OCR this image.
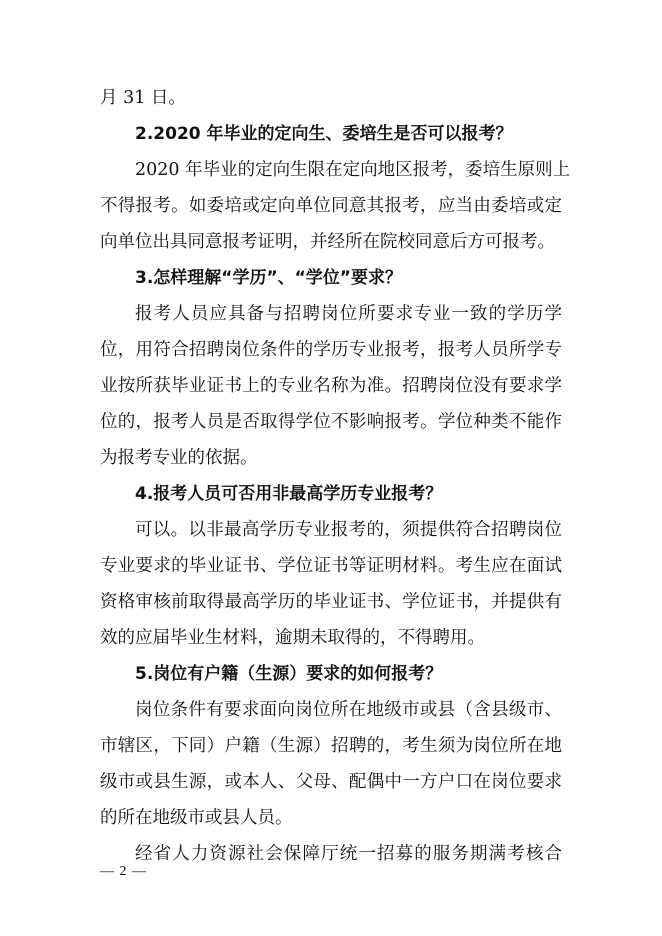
月 31 日。
2.2020 年毕业的定向生、委培生是否可以报考？
2020 年毕业的定向生限在定向地区报考，委培生原则上
不得报考。如委培或定向单位同意其报考，应当由委培或定
向单位出具同意报考证明，并经所在院校同意后方可报考。
3.怎样理解“学历”、“学位”要求？
报考人员应具备与招聘岗位所要求专业一致的学历学
位，用符合招聘岗位条件的学历专业报考，报考人员所学专
业按所获毕业证书上的专业名称为准。招聘岗位没有要求学
位的，报考人员是否取得学位不影响报考。学位种类不能作
为报考专业的依据。
4.报考人员可否用非最高学历专业报考？
可以。以非最高学历专业报考的，须提供符合招聘岗位
专业要求的毕业证书、学位证书等证明材料。考生应在面试
资格审核前取得最高学历的毕业证书、学位证书，并提供有
效的应届毕业生材料，逾期未取得的，不得聘用。
5.岗位有户籍（生源）要求的如何报考？
岗位条件有要求面向岗位所在地级市或县（含县级市、
市辖区，下同）户籍（生源）招聘的，考生须为岗位所在地
级市或县生源，或本人、父母、配偶中一方户口在岗位要求
的所在地级市或县人员。
经省人力资源社会保障厅统一招募的服务期满考核合
— 2 —
